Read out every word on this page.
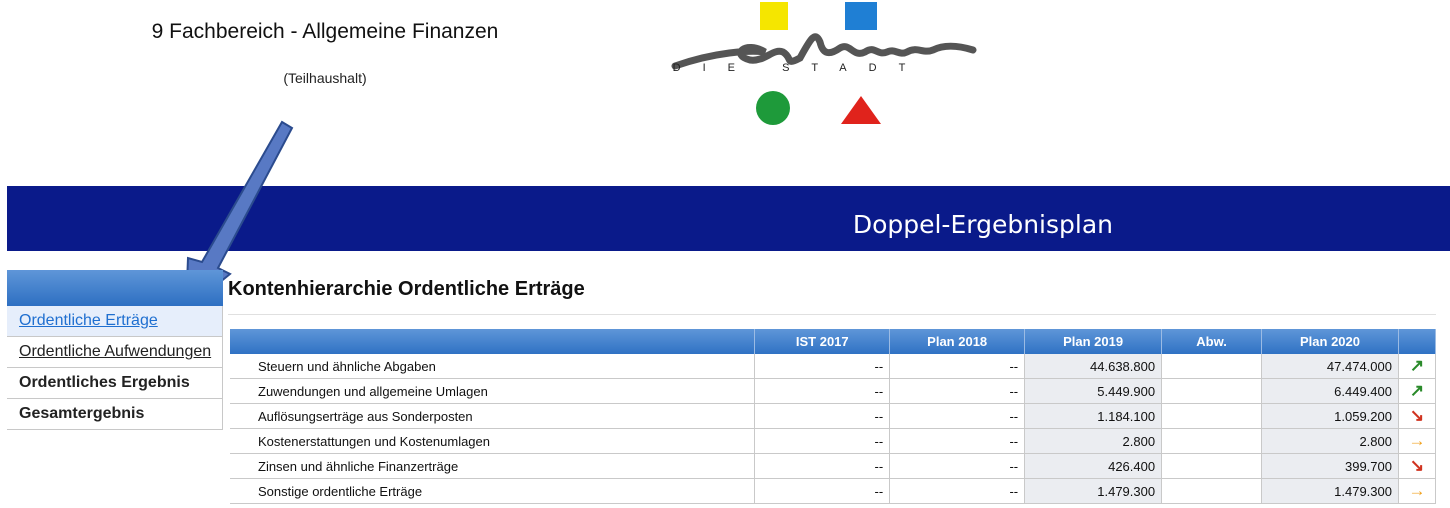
9 Fachbereich - Allgemeine Finanzen
(Teilhaushalt)
DIE STADT
Doppel-Ergebnisplan
Ordentliche Erträge
Ordentliche Aufwendungen
Ordentliches Ergebnis
Gesamtergebnis
Kontenhierarchie Ordentliche Erträge
	IST 2017	Plan 2018	Plan 2019	Abw.	Plan 2020	
Steuern und ähnliche Abgaben	--	--	44.638.800		47.474.000	↗
Zuwendungen und allgemeine Umlagen	--	--	5.449.900		6.449.400	↗
Auflösungserträge aus Sonderposten	--	--	1.184.100		1.059.200	↘
Kostenerstattungen und Kostenumlagen	--	--	2.800		2.800	→
Zinsen und ähnliche Finanzerträge	--	--	426.400		399.700	↘
Sonstige ordentliche Erträge	--	--	1.479.300		1.479.300	→
